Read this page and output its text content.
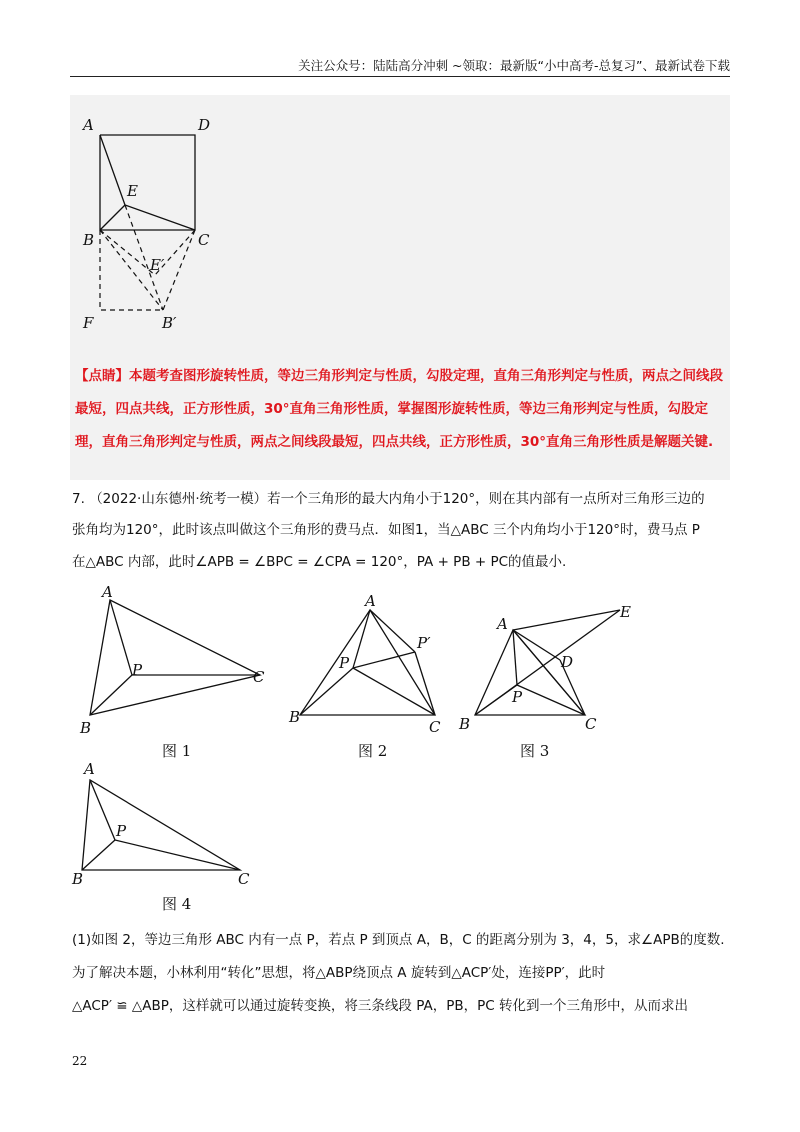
关注公众号：陆陆高分冲刺 ~领取：最新版“小中高考-总复习”、最新试卷下载
A	D
E
B	C
E′
F	B′
【点睛】本题考查图形旋转性质，等边三角形判定与性质，勾股定理，直角三角形判定与性质，两点之间线段最短，四点共线，正方形性质，30°直角三角形性质，掌握图形旋转性质，等边三角形判定与性质，勾股定理，直角三角形判定与性质，两点之间线段最短，四点共线，正方形性质，30°直角三角形性质是解题关键.
7. （2022·山东德州·统考一模）若一个三角形的最大内角小于120°，则在其内部有一点所对三角形三边的
张角均为120°，此时该点叫做这个三角形的费马点．如图1，当△ABC 三个内角均小于120°时，费马点 P
在△ABC 内部，此时∠APB = ∠BPC = ∠CPA = 120°，PA + PB + PC的值最小.
A
P
B
C
图 1
A
P′
P
B
C
图 2
A
E
D
P
B	C
图 3
A
P
B	C
图 4
(1)如图 2，等边三角形 ABC 内有一点 P，若点 P 到顶点 A，B，C 的距离分别为 3，4，5，求∠APB的度数.
为了解决本题，小林利用“转化”思想，将△ABP绕顶点 A 旋转到△ACP′处，连接PP′，此时
△ACP′ ≌ △ABP，这样就可以通过旋转变换，将三条线段 PA，PB，PC 转化到一个三角形中，从而求出
22
